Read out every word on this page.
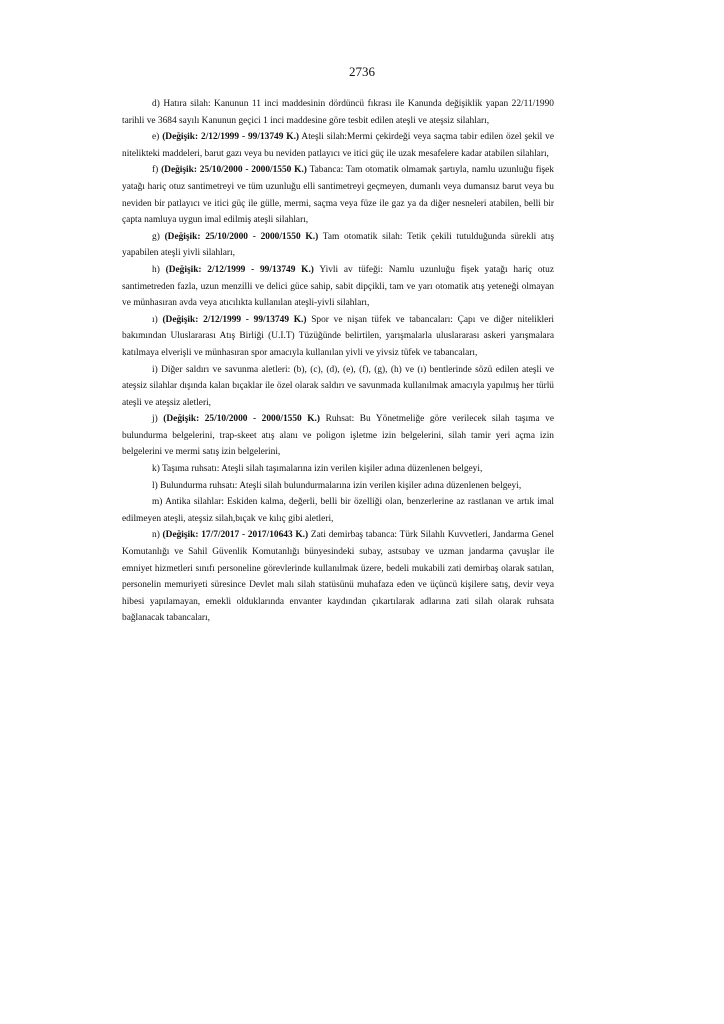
2736

d) Hatıra silah: Kanunun 11 inci maddesinin dördüncü fıkrası ile Kanunda değişiklik yapan 22/11/1990 tarihli ve 3684 sayılı Kanunun geçici 1 inci maddesine göre tesbit edilen ateşli ve ateşsiz silahları,

e) (Değişik: 2/12/1999 - 99/13749 K.) Ateşli silah:Mermi çekirdeği veya saçma tabir edilen özel şekil ve nitelikteki maddeleri, barut gazı veya bu neviden patlayıcı ve itici güç ile uzak mesafelere kadar atabilen silahları,

f) (Değişik: 25/10/2000 - 2000/1550 K.) Tabanca: Tam otomatik olmamak şartıyla, namlu uzunluğu fişek yatağı hariç otuz santimetreyi ve tüm uzunluğu elli santimetreyi geçmeyen, dumanlı veya dumansız barut veya bu neviden bir patlayıcı ve itici güç ile gülle, mermi, saçma veya füze ile gaz ya da diğer nesneleri atabilen, belli bir çapta namluya uygun imal edilmiş ateşli silahları,

g) (Değişik: 25/10/2000 - 2000/1550 K.) Tam otomatik silah: Tetik çekili tutulduğunda sürekli atış yapabilen ateşli yivli silahları,

h) (Değişik: 2/12/1999 - 99/13749 K.) Yivli av tüfeği: Namlu uzunluğu fişek yatağı hariç otuz santimetreden fazla, uzun menzilli ve delici güce sahip, sabit dipçikli, tam ve yarı otomatik atış yeteneği olmayan ve münhasıran avda veya atıcılıkta kullanılan ateşli-yivli silahları,

ı) (Değişik: 2/12/1999 - 99/13749 K.) Spor ve nişan tüfek ve tabancaları: Çapı ve diğer nitelikleri bakımından Uluslararası Atış Birliği (U.I.T) Tüzüğünde belirtilen, yarışmalarla uluslararası askeri yarışmalara katılmaya elverişli ve münhasıran spor amacıyla kullanılan yivli ve yivsiz tüfek ve tabancaları,

i) Diğer saldırı ve savunma aletleri: (b), (c), (d), (e), (f), (g), (h) ve (ı) bentlerinde sözü edilen ateşli ve ateşsiz silahlar dışında kalan bıçaklar ile özel olarak saldırı ve savunmada kullanılmak amacıyla yapılmış her türlü ateşli ve ateşsiz aletleri,

j) (Değişik: 25/10/2000 - 2000/1550 K.) Ruhsat: Bu Yönetmeliğe göre verilecek silah taşıma ve bulundurma belgelerini, trap-skeet atış alanı ve poligon işletme izin belgelerini, silah tamir yeri açma izin belgelerini ve mermi satış izin belgelerini,

k) Taşıma ruhsatı: Ateşli silah taşımalarına izin verilen kişiler adına düzenlenen belgeyi,

l) Bulundurma ruhsatı: Ateşli silah bulundurmalarına izin verilen kişiler adına düzenlenen belgeyi,

m) Antika silahlar: Eskiden kalma, değerli, belli bir özelliği olan, benzerlerine az rastlanan ve artık imal edilmeyen ateşli, ateşsiz silah,bıçak ve kılıç gibi aletleri,

n) (Değişik: 17/7/2017 - 2017/10643 K.) Zati demirbaş tabanca: Türk Silahlı Kuvvetleri, Jandarma Genel Komutanlığı ve Sahil Güvenlik Komutanlığı bünyesindeki subay, astsubay ve uzman jandarma çavuşlar ile emniyet hizmetleri sınıfı personeline görevlerinde kullanılmak üzere, bedeli mukabili zati demirbaş olarak satılan, personelin memuriyeti süresince Devlet malı silah statüsünü muhafaza eden ve üçüncü kişilere satış, devir veya hibesi yapılamayan, emekli olduklarında envanter kaydından çıkartılarak adlarına zati silah olarak ruhsata bağlanacak tabancaları,
